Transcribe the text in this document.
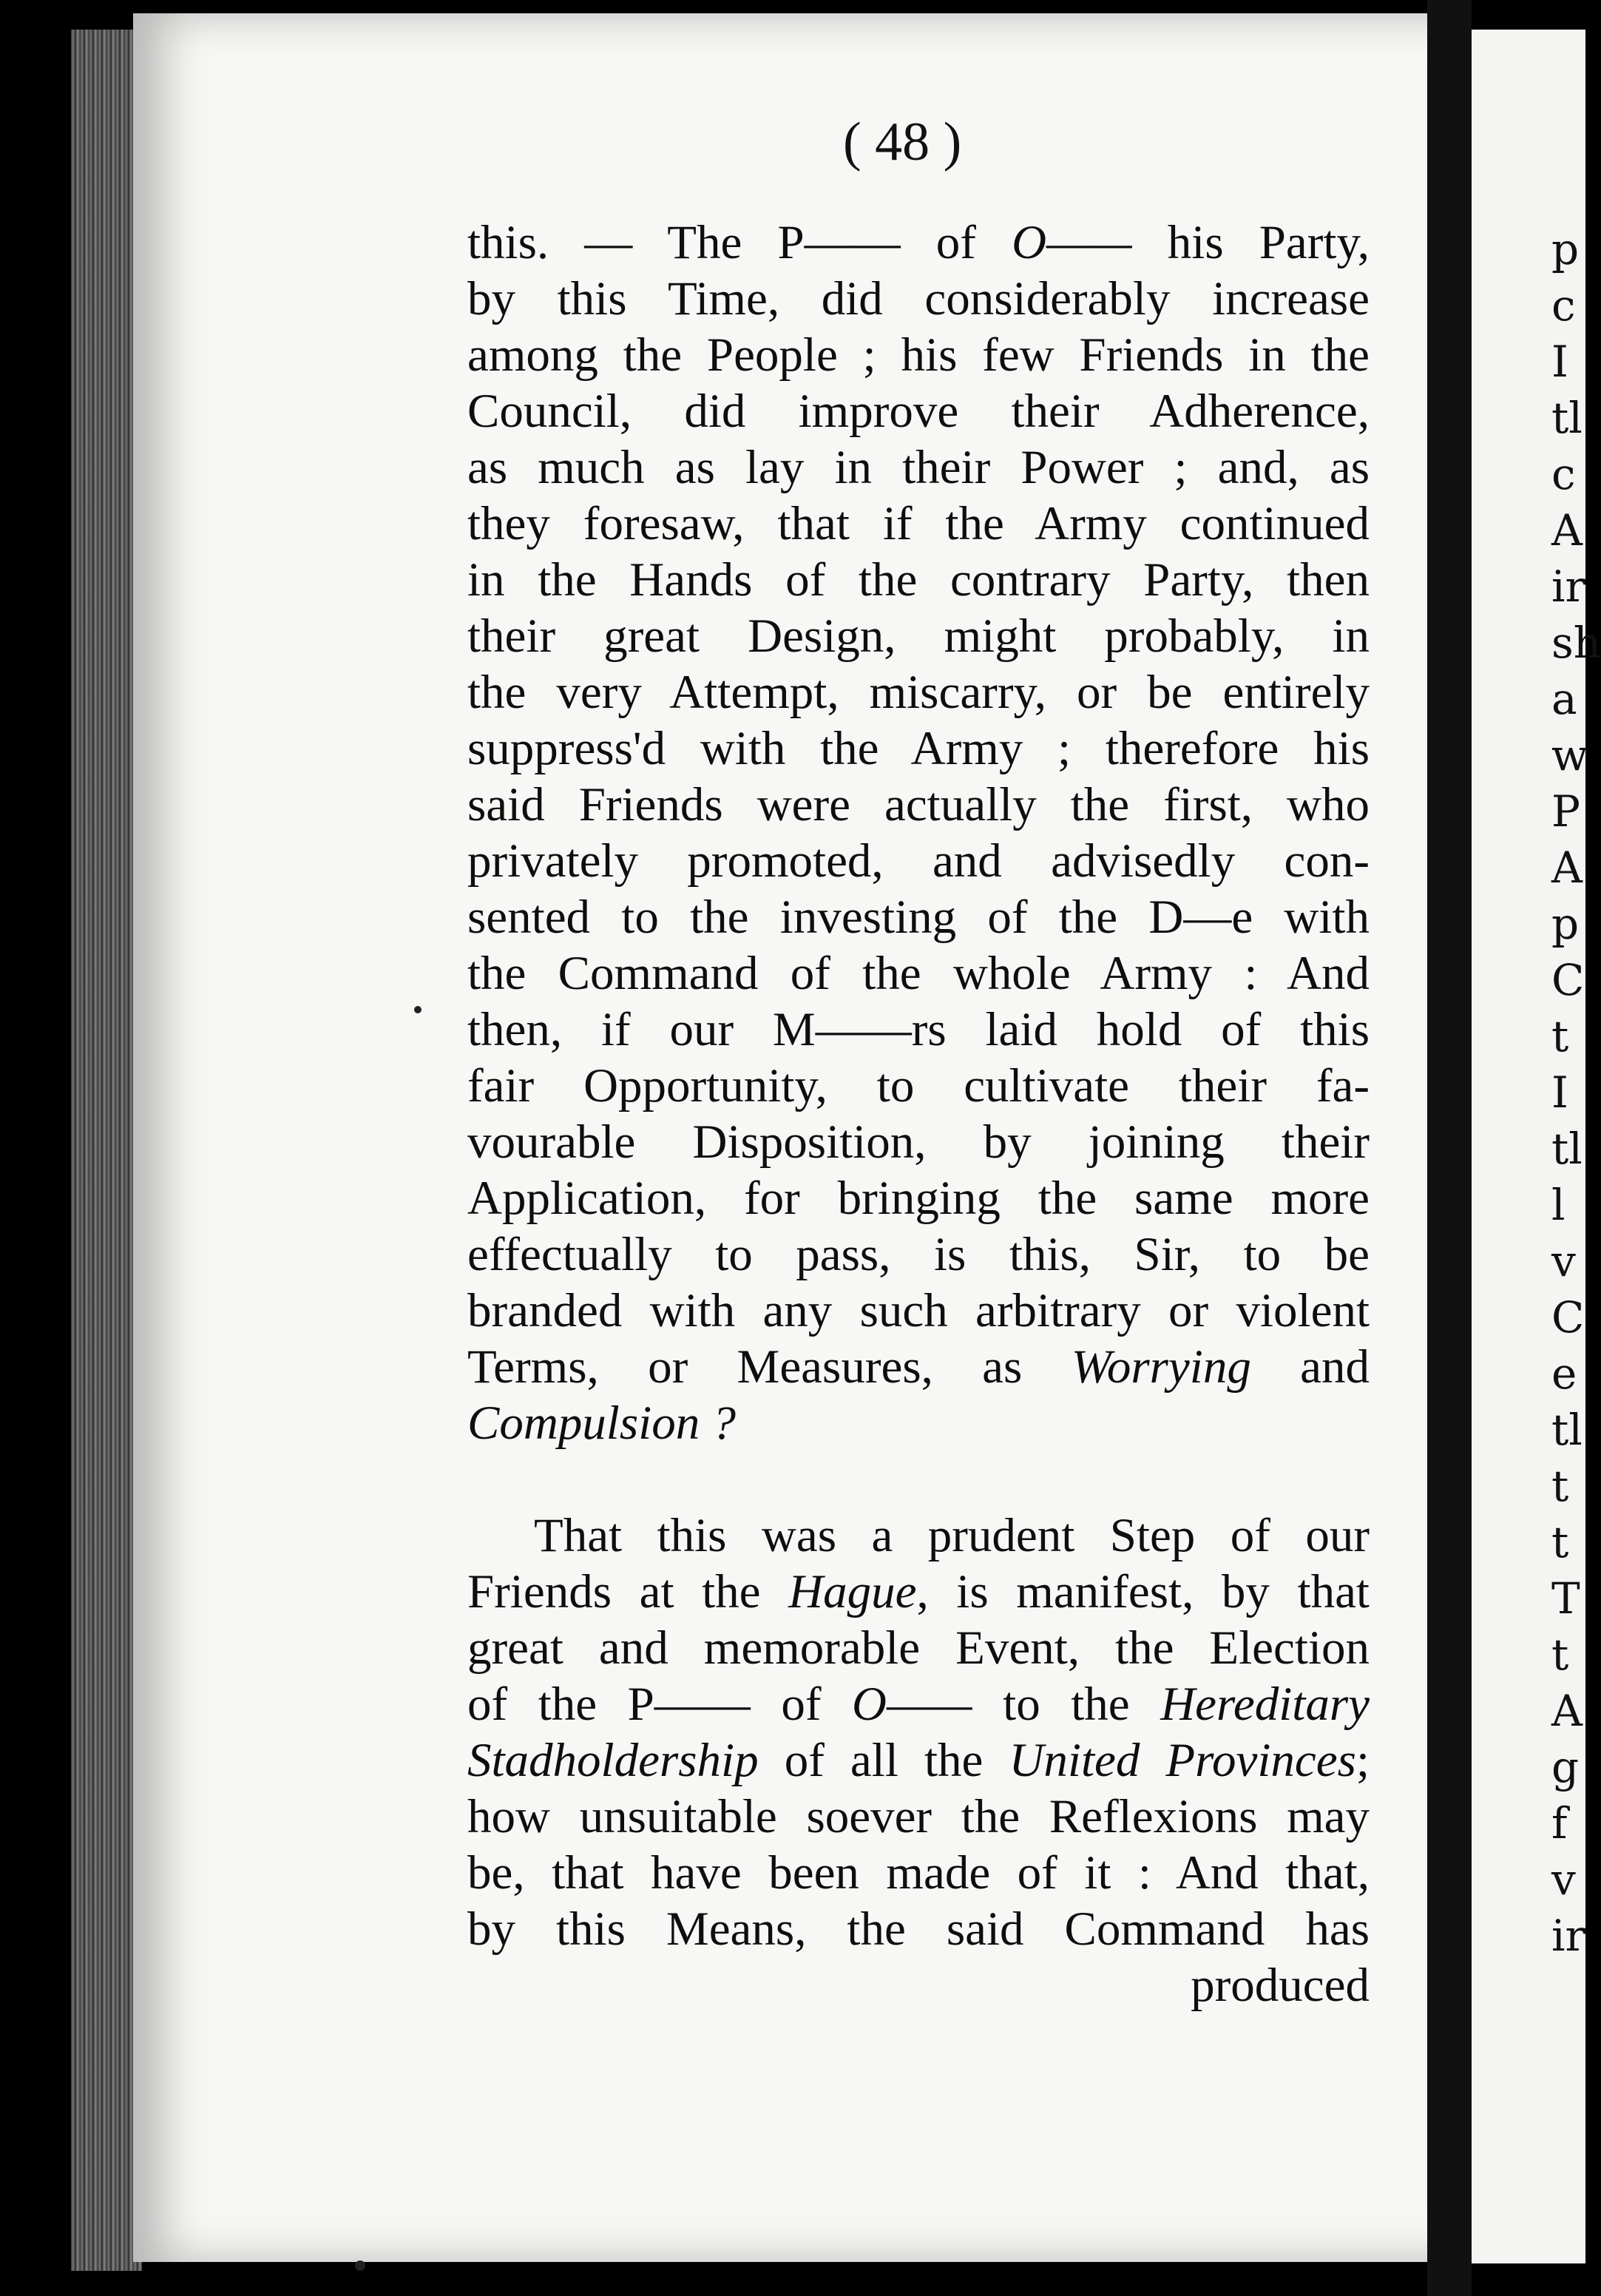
( 48 )
this. — The P—— of O—— his Party,
by this Time, did considerably increase
among the People ; his few Friends in the
Council, did improve their Adherence,
as much as lay in their Power ; and, as
they foresaw, that if the Army continued
in the Hands of the contrary Party, then
their great Design, might probably, in
the very Attempt, miscarry, or be entirely
suppress'd with the Army ; therefore his
said Friends were actually the first, who
privately promoted, and advisedly con-
sented to the investing of the D—e with
the Command of the whole Army : And
then, if our M——rs laid hold of this
fair Opportunity, to cultivate their fa-
vourable Disposition, by joining their
Application, for bringing the same more
effectually to pass, is this, Sir, to be
branded with any such arbitrary or violent
Terms, or Measures, as Worrying and
Compulsion ?
That this was a prudent Step of our
Friends at the Hague, is manifest, by that
great and memorable Event, the Election
of the P—— of O—— to the Hereditary
Stadholdership of all the United Provinces;
how unsuitable soever the Reflexions may
be, that have been made of it : And that,
by this Means, the said Command has
produced
p
c
I
tl
c
A
ir
sh
a
w
P
A
p
C
t
I
tl
l
v
C
e
tl
t
t
T
t
A
g
f
v
ir
